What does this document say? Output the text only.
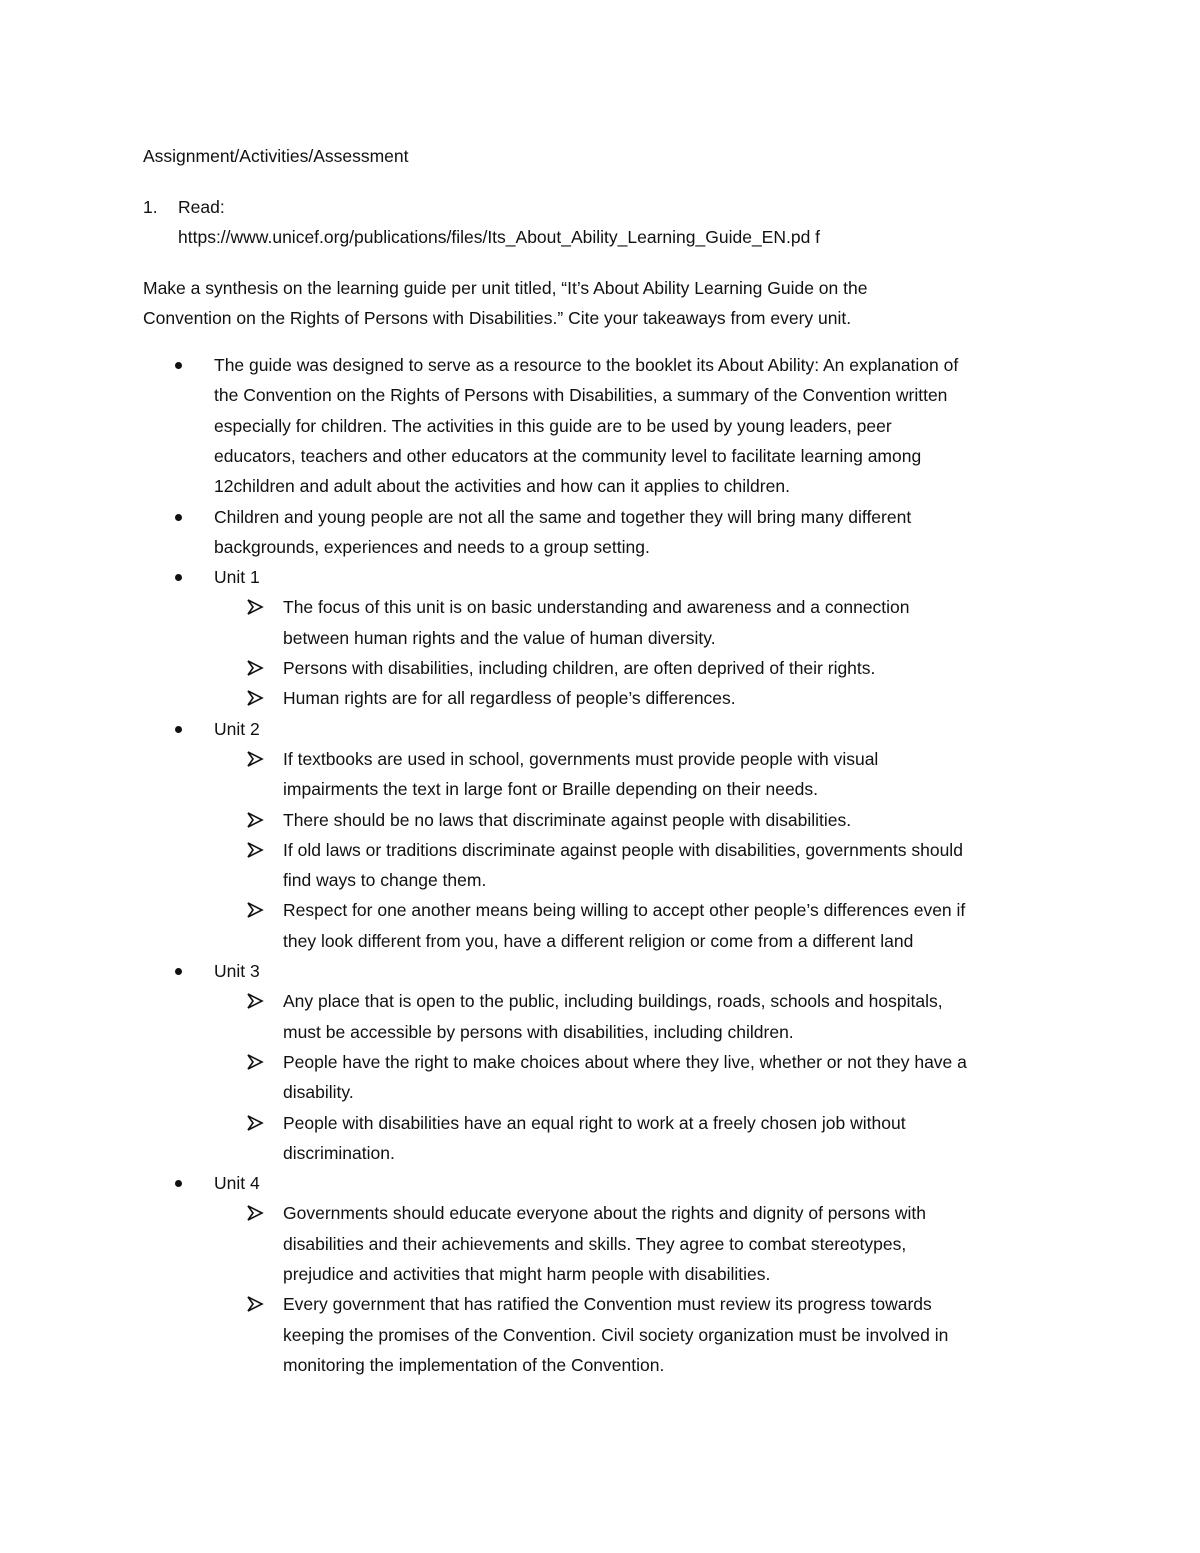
Assignment/Activities/Assessment
1. Read:
https://www.unicef.org/publications/files/Its_About_Ability_Learning_Guide_EN.pd f
Make a synthesis on the learning guide per unit titled, “It’s About Ability Learning Guide on the
Convention on the Rights of Persons with Disabilities.” Cite your takeaways from every unit.
The guide was designed to serve as a resource to the booklet its About Ability: An explanation of
the Convention on the Rights of Persons with Disabilities, a summary of the Convention written
especially for children. The activities in this guide are to be used by young leaders, peer
educators, teachers and other educators at the community level to facilitate learning among
12children and adult about the activities and how can it applies to children.
Children and young people are not all the same and together they will bring many different
backgrounds, experiences and needs to a group setting.
Unit 1
The focus of this unit is on basic understanding and awareness and a connection
between human rights and the value of human diversity.
Persons with disabilities, including children, are often deprived of their rights.
Human rights are for all regardless of people’s differences.
Unit 2
If textbooks are used in school, governments must provide people with visual
impairments the text in large font or Braille depending on their needs.
There should be no laws that discriminate against people with disabilities.
If old laws or traditions discriminate against people with disabilities, governments should
find ways to change them.
Respect for one another means being willing to accept other people’s differences even if
they look different from you, have a different religion or come from a different land
Unit 3
Any place that is open to the public, including buildings, roads, schools and hospitals,
must be accessible by persons with disabilities, including children.
People have the right to make choices about where they live, whether or not they have a
disability.
People with disabilities have an equal right to work at a freely chosen job without
discrimination.
Unit 4
Governments should educate everyone about the rights and dignity of persons with
disabilities and their achievements and skills. They agree to combat stereotypes,
prejudice and activities that might harm people with disabilities.
Every government that has ratified the Convention must review its progress towards
keeping the promises of the Convention. Civil society organization must be involved in
monitoring the implementation of the Convention.
